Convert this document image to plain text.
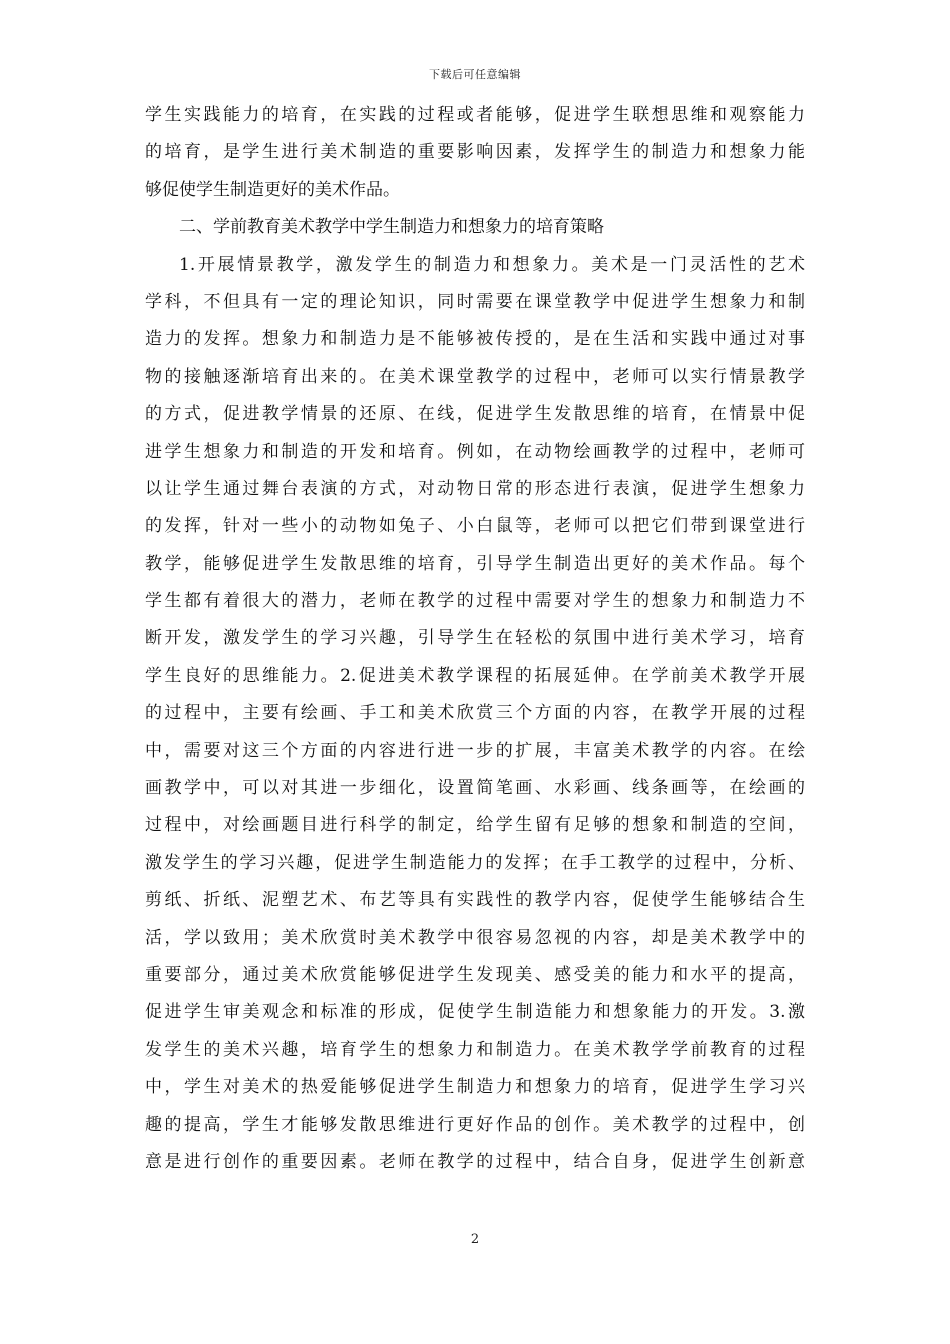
下载后可任意编辑
学生实践能力的培育，在实践的过程或者能够，促进学生联想思维和观察能力
的培育，是学生进行美术制造的重要影响因素，发挥学生的制造力和想象力能
够促使学生制造更好的美术作品。
二、学前教育美术教学中学生制造力和想象力的培育策略
1.开展情景教学，激发学生的制造力和想象力。美术是一门灵活性的艺术
学科，不但具有一定的理论知识，同时需要在课堂教学中促进学生想象力和制
造力的发挥。想象力和制造力是不能够被传授的，是在生活和实践中通过对事
物的接触逐渐培育出来的。在美术课堂教学的过程中，老师可以实行情景教学
的方式，促进教学情景的还原、在线，促进学生发散思维的培育，在情景中促
进学生想象力和制造的开发和培育。例如，在动物绘画教学的过程中，老师可
以让学生通过舞台表演的方式，对动物日常的形态进行表演，促进学生想象力
的发挥，针对一些小的动物如兔子、小白鼠等，老师可以把它们带到课堂进行
教学，能够促进学生发散思维的培育，引导学生制造出更好的美术作品。每个
学生都有着很大的潜力，老师在教学的过程中需要对学生的想象力和制造力不
断开发，激发学生的学习兴趣，引导学生在轻松的氛围中进行美术学习，培育
学生良好的思维能力。2.促进美术教学课程的拓展延伸。在学前美术教学开展
的过程中，主要有绘画、手工和美术欣赏三个方面的内容，在教学开展的过程
中，需要对这三个方面的内容进行进一步的扩展，丰富美术教学的内容。在绘
画教学中，可以对其进一步细化，设置简笔画、水彩画、线条画等，在绘画的
过程中，对绘画题目进行科学的制定，给学生留有足够的想象和制造的空间，
激发学生的学习兴趣，促进学生制造能力的发挥；在手工教学的过程中，分析、
剪纸、折纸、泥塑艺术、布艺等具有实践性的教学内容，促使学生能够结合生
活，学以致用；美术欣赏时美术教学中很容易忽视的内容，却是美术教学中的
重要部分，通过美术欣赏能够促进学生发现美、感受美的能力和水平的提高，
促进学生审美观念和标准的形成，促使学生制造能力和想象能力的开发。3.激
发学生的美术兴趣，培育学生的想象力和制造力。在美术教学学前教育的过程
中，学生对美术的热爱能够促进学生制造力和想象力的培育，促进学生学习兴
趣的提高，学生才能够发散思维进行更好作品的创作。美术教学的过程中，创
意是进行创作的重要因素。老师在教学的过程中，结合自身，促进学生创新意
2
